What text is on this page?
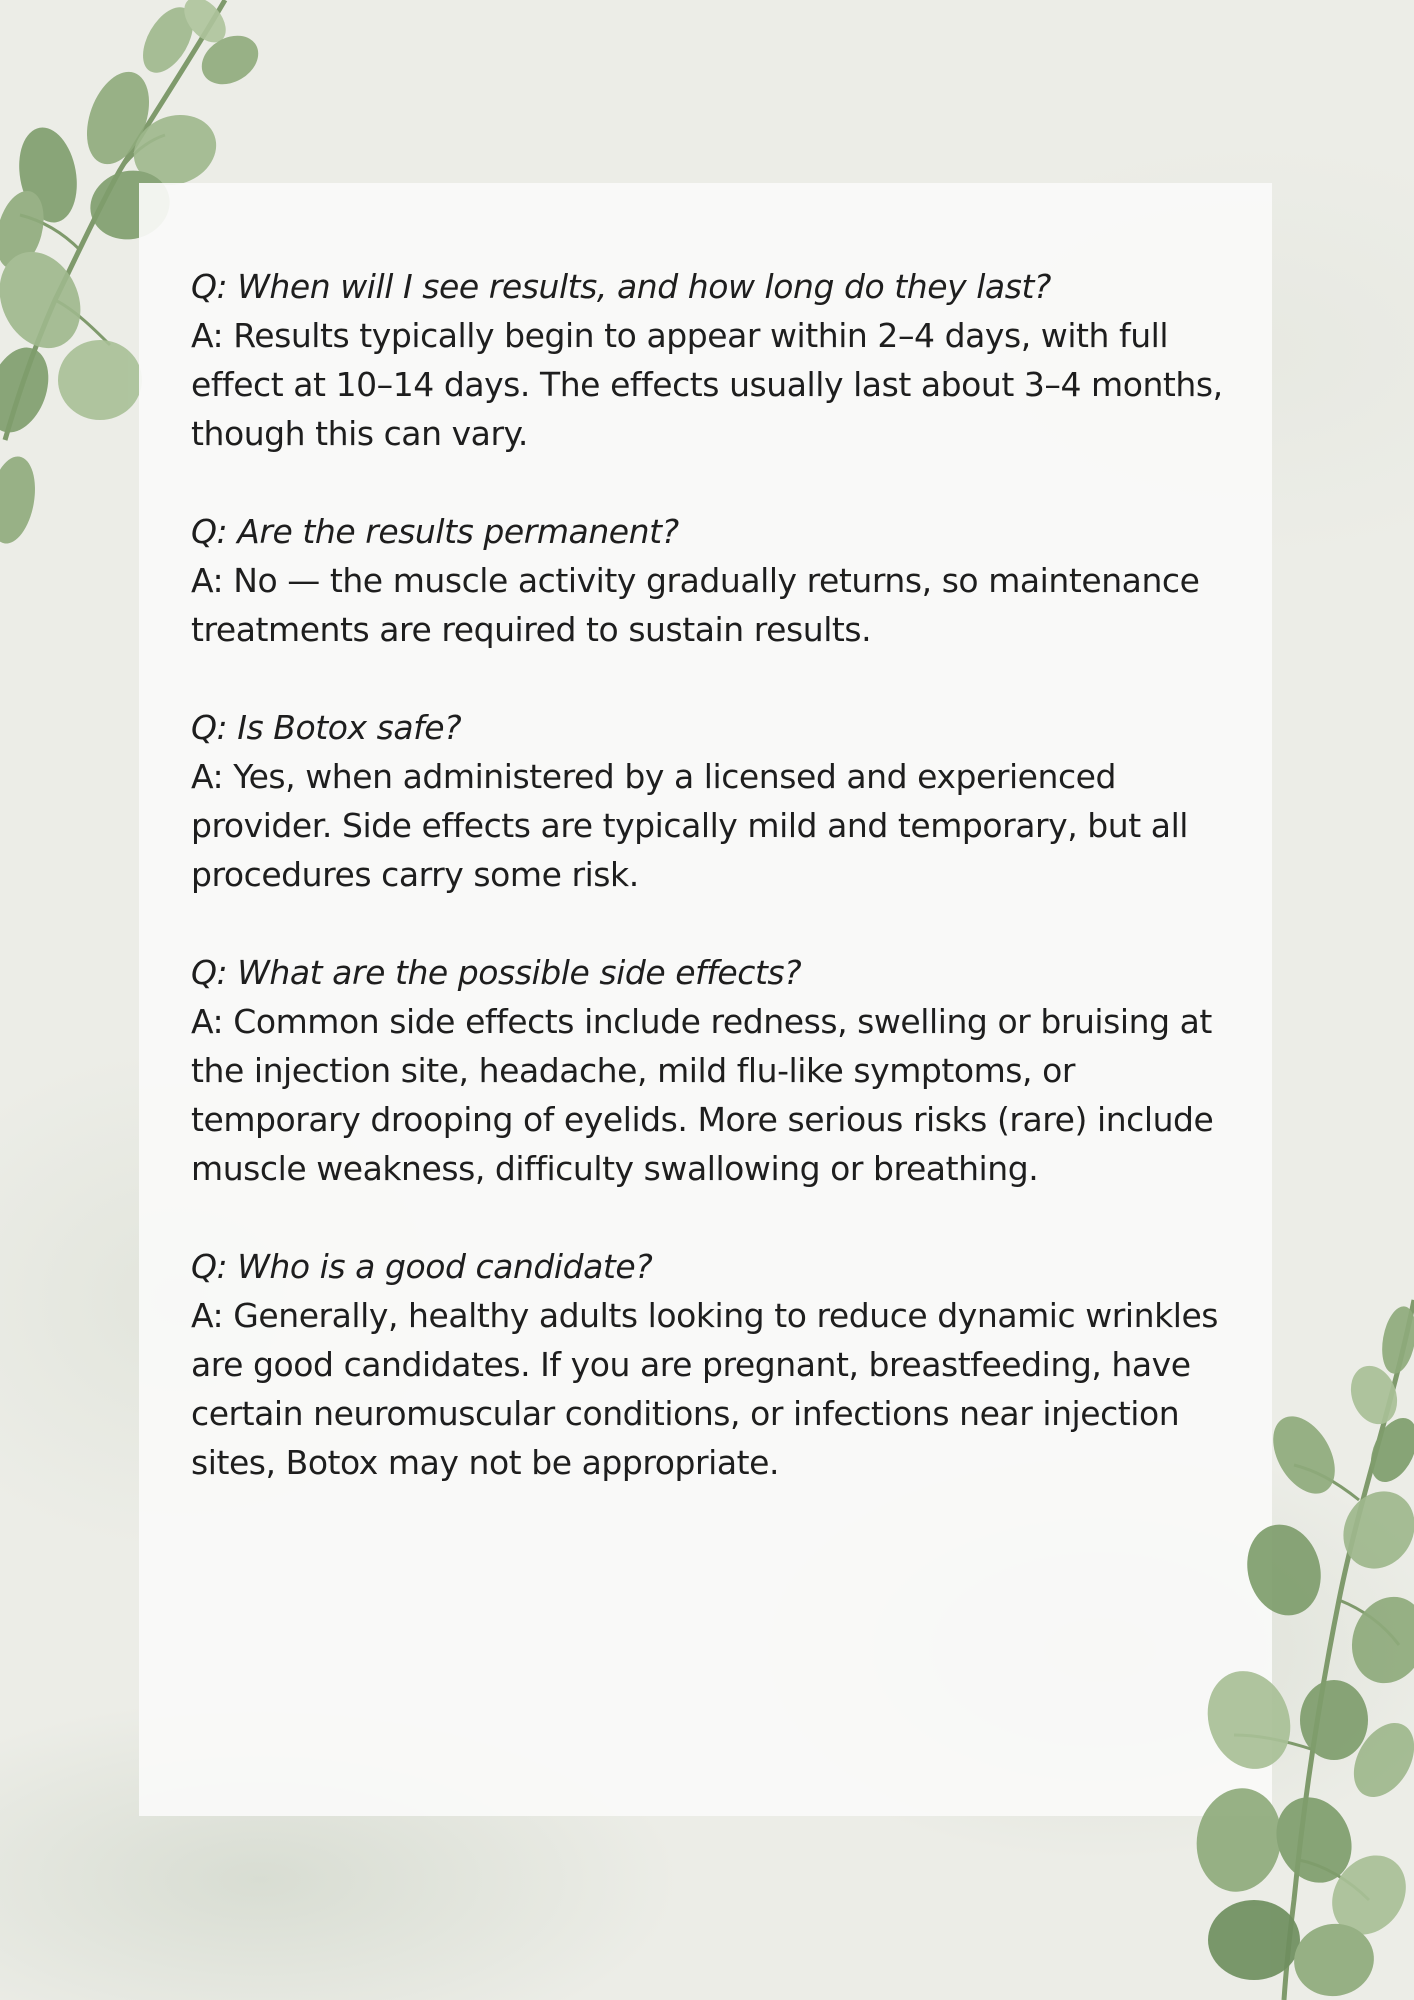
Q: When will I see results, and how long do they last?
A: Results typically begin to appear within 2–4 days, with full effect at 10–14 days. The effects usually last about 3–4 months, though this can vary.
Q: Are the results permanent?
A: No — the muscle activity gradually returns, so maintenance treatments are required to sustain results.
Q: Is Botox safe?
A: Yes, when administered by a licensed and experienced provider. Side effects are typically mild and temporary, but all procedures carry some risk.
Q: What are the possible side effects?
A: Common side effects include redness, swelling or bruising at the injection site, headache, mild flu-like symptoms, or temporary drooping of eyelids. More serious risks (rare) include muscle weakness, difficulty swallowing or breathing.
Q: Who is a good candidate?
A: Generally, healthy adults looking to reduce dynamic wrinkles are good candidates. If you are pregnant, breastfeeding, have certain neuromuscular conditions, or infections near injection sites, Botox may not be appropriate.
